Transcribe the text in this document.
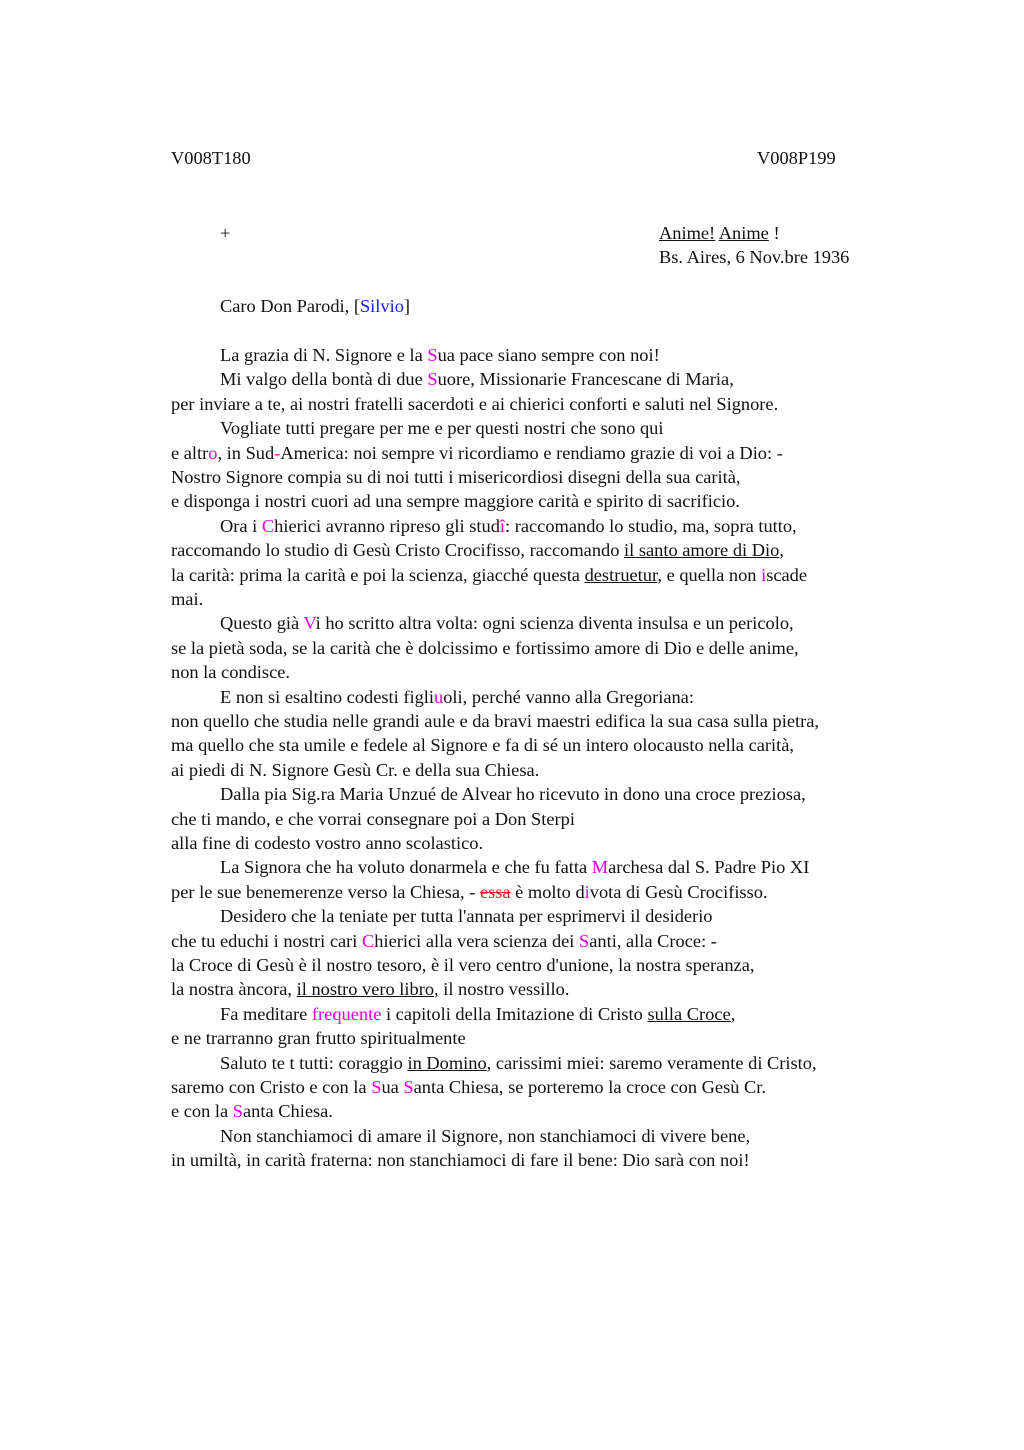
V008T180	V008P199
+	Anime! Anime !
Bs. Aires, 6 Nov.bre 1936
Caro Don Parodi, [Silvio]
La grazia di N. Signore e la Sua pace siano sempre con noi!
Mi valgo della bontà di due Suore, Missionarie Francescane di Maria,
per inviare a te, ai nostri fratelli sacerdoti e ai chierici conforti e saluti nel Signore.
Vogliate tutti pregare per me e per questi nostri che sono qui
e altro, in Sud-America: noi sempre vi ricordiamo e rendiamo grazie di voi a Dio: -
Nostro Signore compia su di noi tutti i misericordiosi disegni della sua carità,
e disponga i nostri cuori ad una sempre maggiore carità e spirito di sacrificio.
Ora i Chierici avranno ripreso gli studî: raccomando lo studio, ma, sopra tutto,
raccomando lo studio di Gesù Cristo Crocifisso, raccomando il santo amore di Dio,
la carità: prima la carità e poi la scienza, giacché questa destruetur, e quella non iscade
mai.
Questo già Vi ho scritto altra volta: ogni scienza diventa insulsa e un pericolo,
se la pietà soda, se la carità che è dolcissimo e fortissimo amore di Dio e delle anime,
non la condisce.
E non si esaltino codesti figliuoli, perché vanno alla Gregoriana:
non quello che studia nelle grandi aule e da bravi maestri edifica la sua casa sulla pietra,
ma quello che sta umile e fedele al Signore e fa di sé un intero olocausto nella carità,
ai piedi di N. Signore Gesù Cr. e della sua Chiesa.
Dalla pia Sig.ra Maria Unzué de Alvear ho ricevuto in dono una croce preziosa,
che ti mando, e che vorrai consegnare poi a Don Sterpi
alla fine di codesto vostro anno scolastico.
La Signora che ha voluto donarmela e che fu fatta Marchesa dal S. Padre Pio XI
per le sue benemerenze verso la Chiesa, - essa è molto divota di Gesù Crocifisso.
Desidero che la teniate per tutta l'annata per esprimervi il desiderio
che tu educhi i nostri cari Chierici alla vera scienza dei Santi, alla Croce: -
la Croce di Gesù è il nostro tesoro, è il vero centro d'unione, la nostra speranza,
la nostra àncora, il nostro vero libro, il nostro vessillo.
Fa meditare frequente i capitoli della Imitazione di Cristo sulla Croce,
e ne trarranno gran frutto spiritualmente
Saluto te t tutti: coraggio in Domino, carissimi miei: saremo veramente di Cristo,
saremo con Cristo e con la Sua Santa Chiesa, se porteremo la croce con Gesù Cr.
e con la Santa Chiesa.
Non stanchiamoci di amare il Signore, non stanchiamoci di vivere bene,
in umiltà, in carità fraterna: non stanchiamoci di fare il bene: Dio sarà con noi!
